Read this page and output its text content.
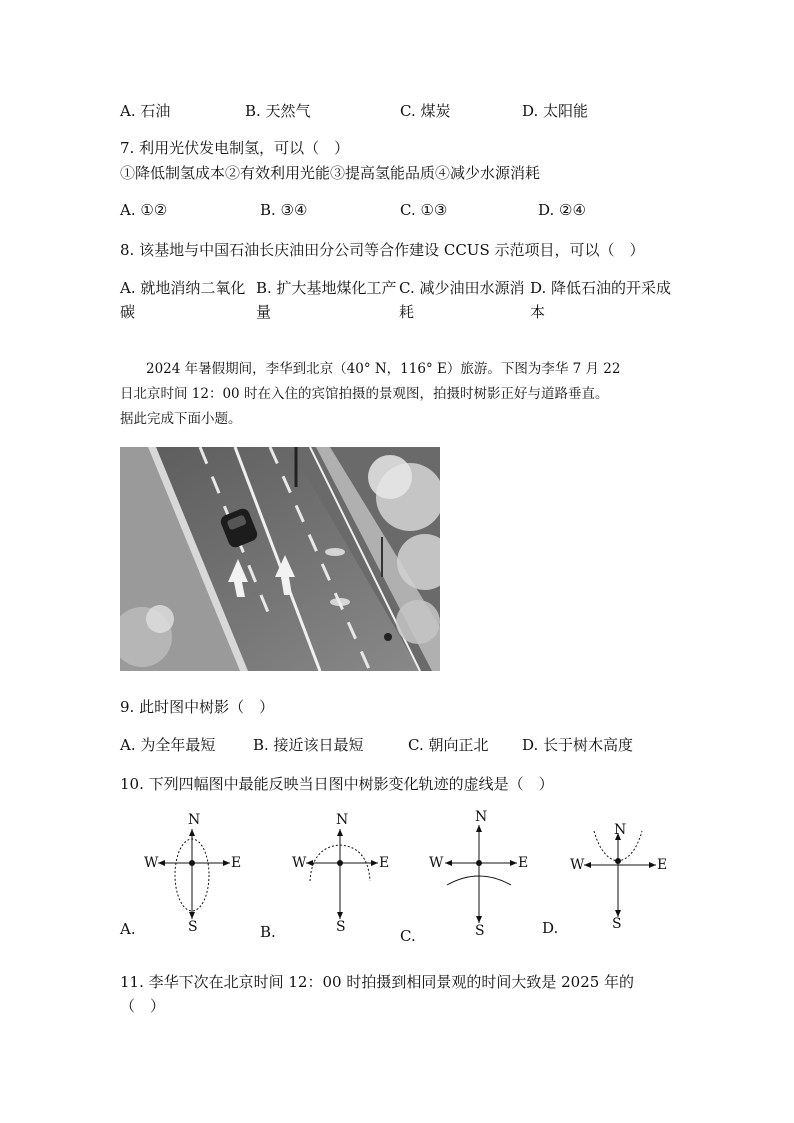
A. 石油	B. 天然气	C. 煤炭	D. 太阳能
7. 利用光伏发电制氢，可以（　）
①降低制氢成本②有效利用光能③提高氢能品质④减少水源消耗
A. ①②	B. ③④	C. ①③	D. ②④
8. 该基地与中国石油长庆油田分公司等合作建设 CCUS 示范项目，可以（　）
A. 就地消纳二氧化碳
B. 扩大基地煤化工产量
C. 减少油田水源消耗
D. 降低石油的开采成本
2024 年暑假期间，李华到北京（40° N，116° E）旅游。下图为李华 7 月 22
日北京时间 12：00 时在入住的宾馆拍摄的景观图，拍摄时树影正好与道路垂直。
据此完成下面小题。
9. 此时图中树影（　）
A. 为全年最短	B. 接近该日最短	C. 朝向正北 D. 长于树木高度
10. 下列四幅图中最能反映当日图中树影变化轨迹的虚线是（　）
N
S
W	E
N
S
W	E
N
S
W	E
N
S
W	E
A.	B.	C.	D.
11. 李华下次在北京时间 12：00 时拍摄到相同景观的时间大致是 2025 年的
（　）
